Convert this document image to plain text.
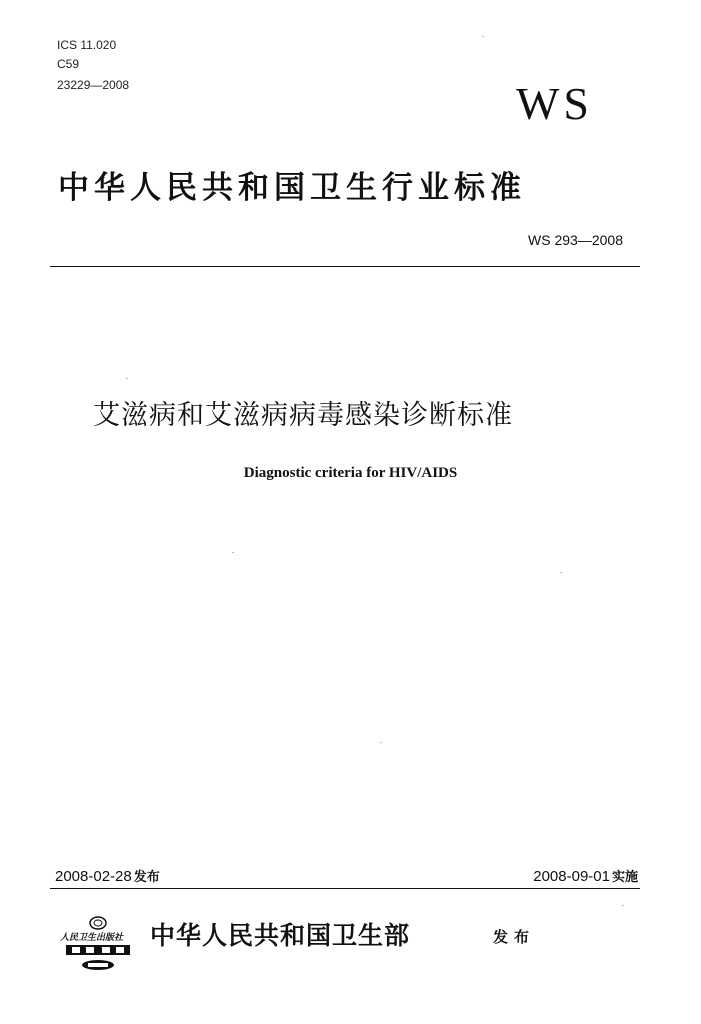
ICS 11.020
C59
23229—2008	WS
中华人民共和国卫生行业标准
WS 293—2008
艾滋病和艾滋病病毒感染诊断标准
Diagnostic criteria for HIV/AIDS
2008-02-28 发布	2008-09-01 实施
人民卫生出版社 中华人民共和国卫生部	发布
